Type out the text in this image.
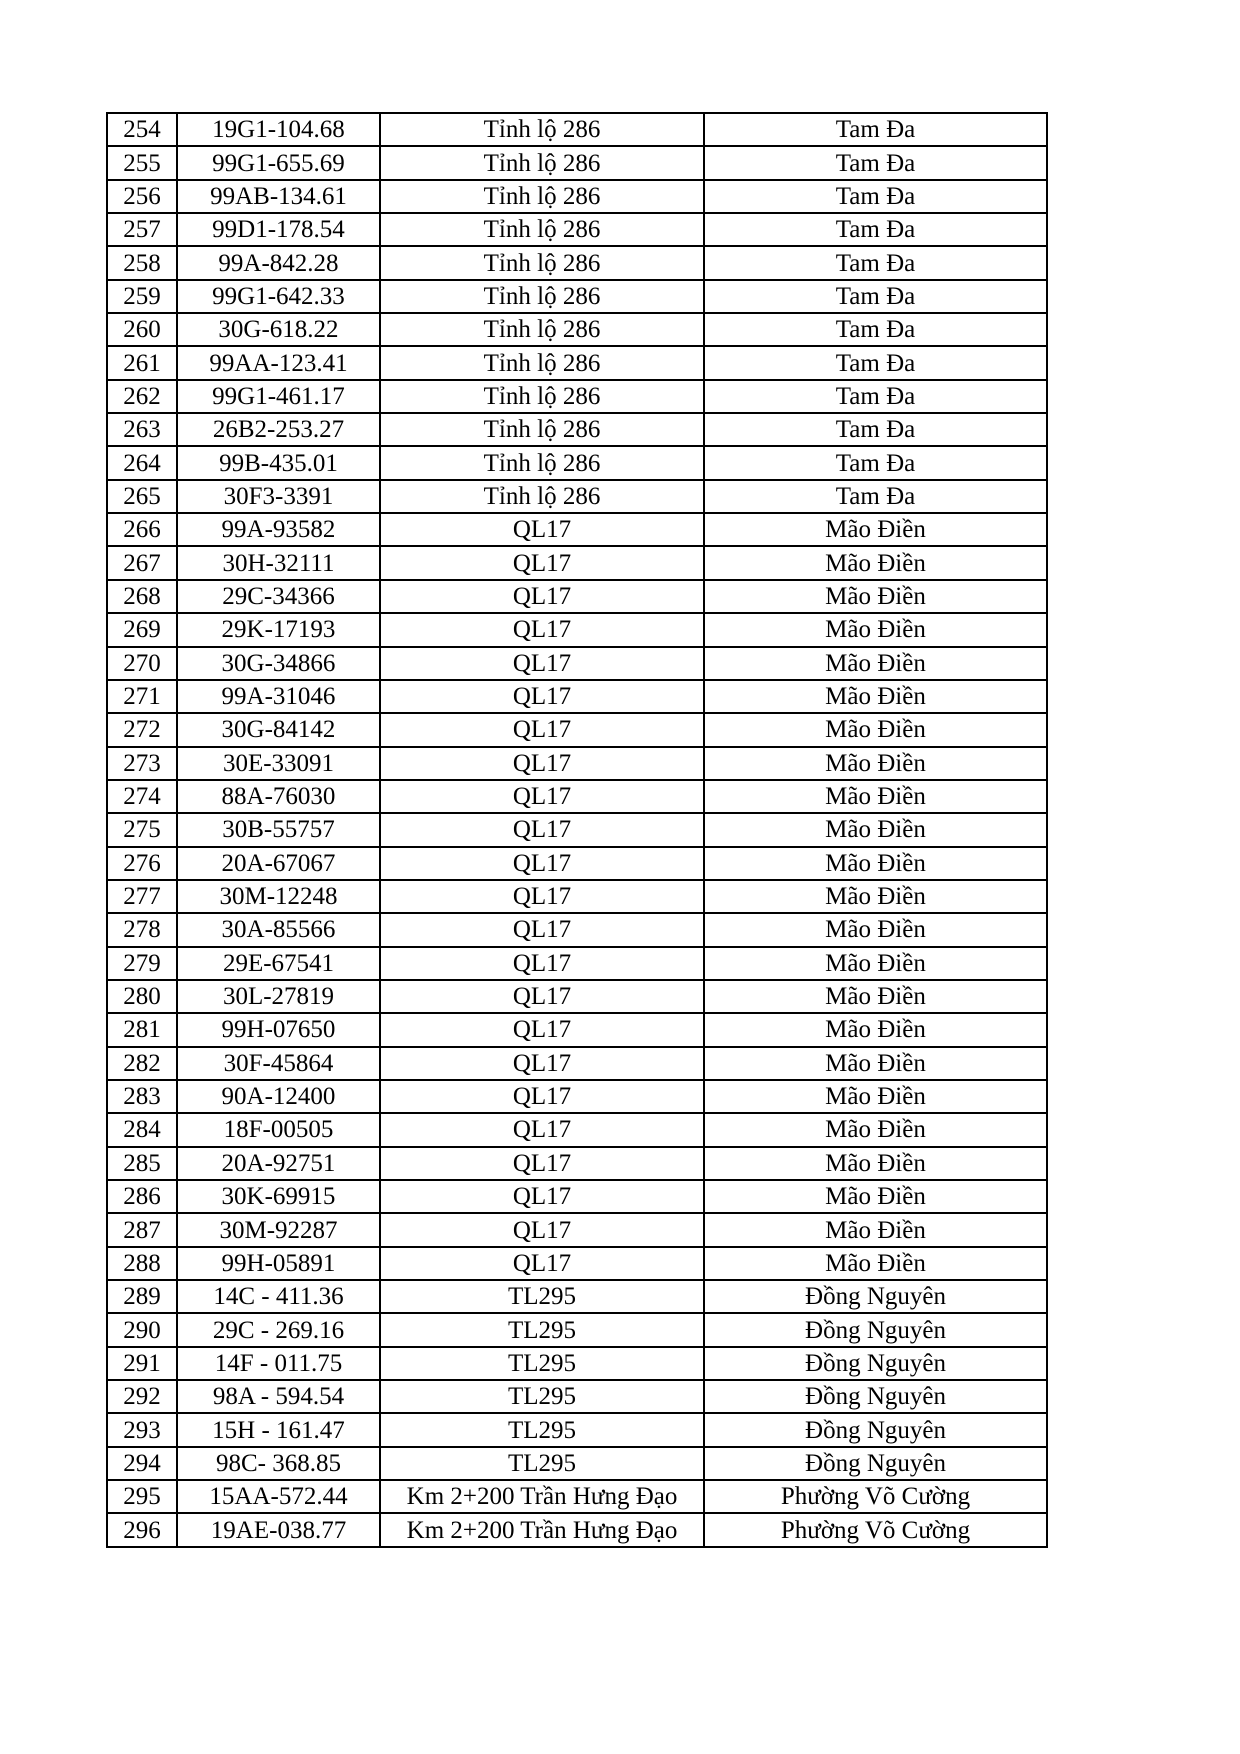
254	19G1-104.68	Tỉnh lộ 286	Tam Đa
255	99G1-655.69	Tỉnh lộ 286	Tam Đa
256	99AB-134.61	Tỉnh lộ 286	Tam Đa
257	99D1-178.54	Tỉnh lộ 286	Tam Đa
258	99A-842.28	Tỉnh lộ 286	Tam Đa
259	99G1-642.33	Tỉnh lộ 286	Tam Đa
260	30G-618.22	Tỉnh lộ 286	Tam Đa
261	99AA-123.41	Tỉnh lộ 286	Tam Đa
262	99G1-461.17	Tỉnh lộ 286	Tam Đa
263	26B2-253.27	Tỉnh lộ 286	Tam Đa
264	99B-435.01	Tỉnh lộ 286	Tam Đa
265	30F3-3391	Tỉnh lộ 286	Tam Đa
266	99A-93582	QL17	Mão Điền
267	30H-32111	QL17	Mão Điền
268	29C-34366	QL17	Mão Điền
269	29K-17193	QL17	Mão Điền
270	30G-34866	QL17	Mão Điền
271	99A-31046	QL17	Mão Điền
272	30G-84142	QL17	Mão Điền
273	30E-33091	QL17	Mão Điền
274	88A-76030	QL17	Mão Điền
275	30B-55757	QL17	Mão Điền
276	20A-67067	QL17	Mão Điền
277	30M-12248	QL17	Mão Điền
278	30A-85566	QL17	Mão Điền
279	29E-67541	QL17	Mão Điền
280	30L-27819	QL17	Mão Điền
281	99H-07650	QL17	Mão Điền
282	30F-45864	QL17	Mão Điền
283	90A-12400	QL17	Mão Điền
284	18F-00505	QL17	Mão Điền
285	20A-92751	QL17	Mão Điền
286	30K-69915	QL17	Mão Điền
287	30M-92287	QL17	Mão Điền
288	99H-05891	QL17	Mão Điền
289	14C - 411.36	TL295	Đồng Nguyên
290	29C - 269.16	TL295	Đồng Nguyên
291	14F - 011.75	TL295	Đồng Nguyên
292	98A - 594.54	TL295	Đồng Nguyên
293	15H - 161.47	TL295	Đồng Nguyên
294	98C- 368.85	TL295	Đồng Nguyên
295	15AA-572.44	Km 2+200 Trần Hưng Đạo	Phường Võ Cường
296	19AE-038.77	Km 2+200 Trần Hưng Đạo	Phường Võ Cường
